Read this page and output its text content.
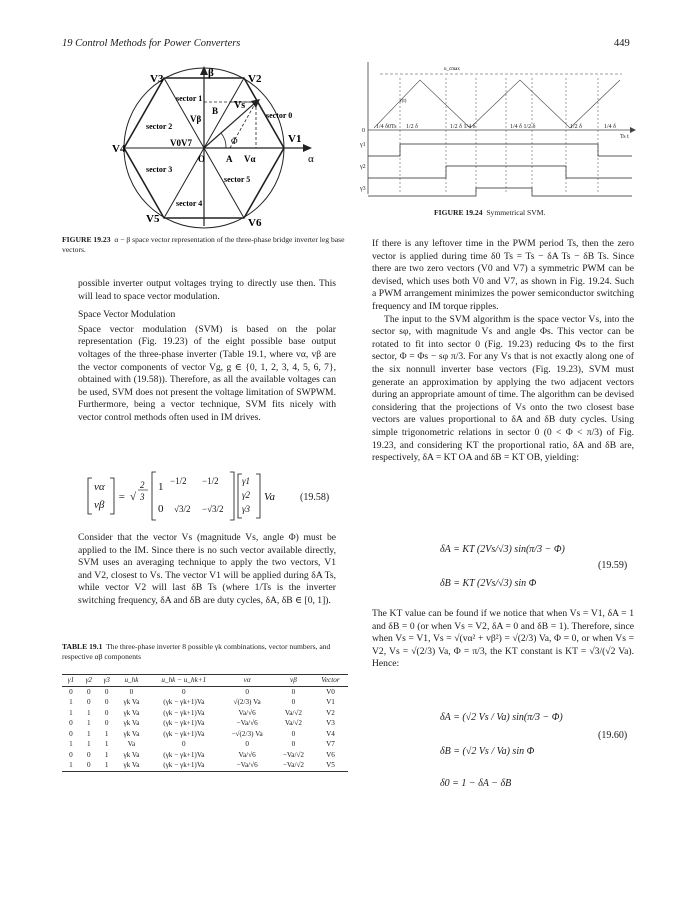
19 Control Methods for Power Converters	449
V3	V2
V1
V4
V5	V6
β
α
sector 1
sector 0
sector 2
sector 3
sector 4
sector 5
B
A
O
Φ
Vs
V0V7
Vβ
Vα
FIGURE 19.23 α − β space vector representation of the three-phase bridge inverter leg base vectors.
u_cmax
r(t)
0
γ1
γ2
γ3
Ts t
1/4 δ0Ts 1/2 δ	1/2 δ 1/4 δ	1/4 δ 1/2 δ	1/2 δ	1/4 δ
FIGURE 19.24 Symmetrical SVM.

possible inverter output voltages trying to directly use then. This will lead to space vector modulation.

Space Vector Modulation

Space vector modulation (SVM) is based on the polar representation (Fig. 19.23) of the eight possible base output voltages of the three-phase inverter (Table 19.1, where vα, vβ are the vector components of vector Vg, g ∈ {0, 1, 2, 3, 4, 5, 6, 7}, obtained with (19.58)). Therefore, as all the available voltages can be used, SVM does not present the voltage limitation of SWPWM. Furthermore, being a vector technique, SVM fits nicely with vector control methods often used in IM drives.

vα
vβ
= √
2
3
1 −1/2 −1/2
0 √3/2 −√3/2
γ1
γ2
γ3
Va	(19.58)

Consider that the vector Vs (magnitude Vs, angle Φ) must be applied to the IM. Since there is no such vector available directly, SVM uses an averaging technique to apply the two vectors, V1 and V2, closest to Vs. The vector V1 will be applied during δA Ts, while vector V2 will last δB Ts (where 1/Ts is the inverter switching frequency, δA and δB are duty cycles, δA, δB ∈ [0, 1]).

TABLE 19.1 The three-phase inverter 8 possible γk combinations, vector numbers, and respective αβ components
γ1	γ2	γ3	u_hk	u_hk − u_hk+1	vα	vβ	Vector
0	0	0	0	0	0	0	V0
1	0	0	γk Va	(γk − γk+1)Va	√(2/3) Va	0	V1
1	1	0	γk Va	(γk − γk+1)Va	Va/√6	Va/√2	V2
0	1	0	γk Va	(γk − γk+1)Va	−Va/√6	Va/√2	V3
0	1	1	γk Va	(γk − γk+1)Va	−√(2/3) Va	0	V4
1	1	1	Va	0	0	0	V7
0	0	1	γk Va	(γk − γk+1)Va	Va/√6	−Va/√2	V6
1	0	1	γk Va	(γk − γk+1)Va	−Va/√6	−Va/√2	V5

If there is any leftover time in the PWM period Ts, then the zero vector is applied during time δ0 Ts = Ts − δA Ts − δB Ts. Since there are two zero vectors (V0 and V7) a symmetric PWM can be devised, which uses both V0 and V7, as shown in Fig. 19.24. Such a PWM arrangement minimizes the power semiconductor switching frequency and IM torque ripples.

The input to the SVM algorithm is the space vector Vs, into the sector sφ, with magnitude Vs and angle Φs. This vector can be rotated to fit into sector 0 (Fig. 19.23) reducing Φs to the first sector, Φ = Φs − sφ π/3. For any Vs that is not exactly along one of the six nonnull inverter base vectors (Fig. 19.23), SVM must generate an approximation by applying the two adjacent vectors during an appropriate amount of time. The algorithm can be devised considering that the projections of Vs onto the two closest base vectors are values proportional to δA and δB duty cycles. Using simple trigonometric relations in sector 0 (0 < Φ < π/3) of Fig. 19.23, and considering KT the proportional ratio, δA and δB are, respectively, δA = KT OA and δB = KT OB, yielding:

δA = KT (2Vs/√3) sin(π/3 − Φ)
δB = KT (2Vs/√3) sin Φ
(19.59)

The KT value can be found if we notice that when Vs = V1, δA = 1 and δB = 0 (or when Vs = V2, δA = 0 and δB = 1). Therefore, since when Vs = V1, Vs = √(vα² + vβ²) = √(2/3) Va, Φ = 0, or when Vs = V2, Vs = √(2/3) Va, Φ = π/3, the KT constant is KT = √3/(√2 Va). Hence:

δA = (√2 Vs / Va) sin(π/3 − Φ)
δB = (√2 Vs / Va) sin Φ
δ0 = 1 − δA − δB
(19.60)
